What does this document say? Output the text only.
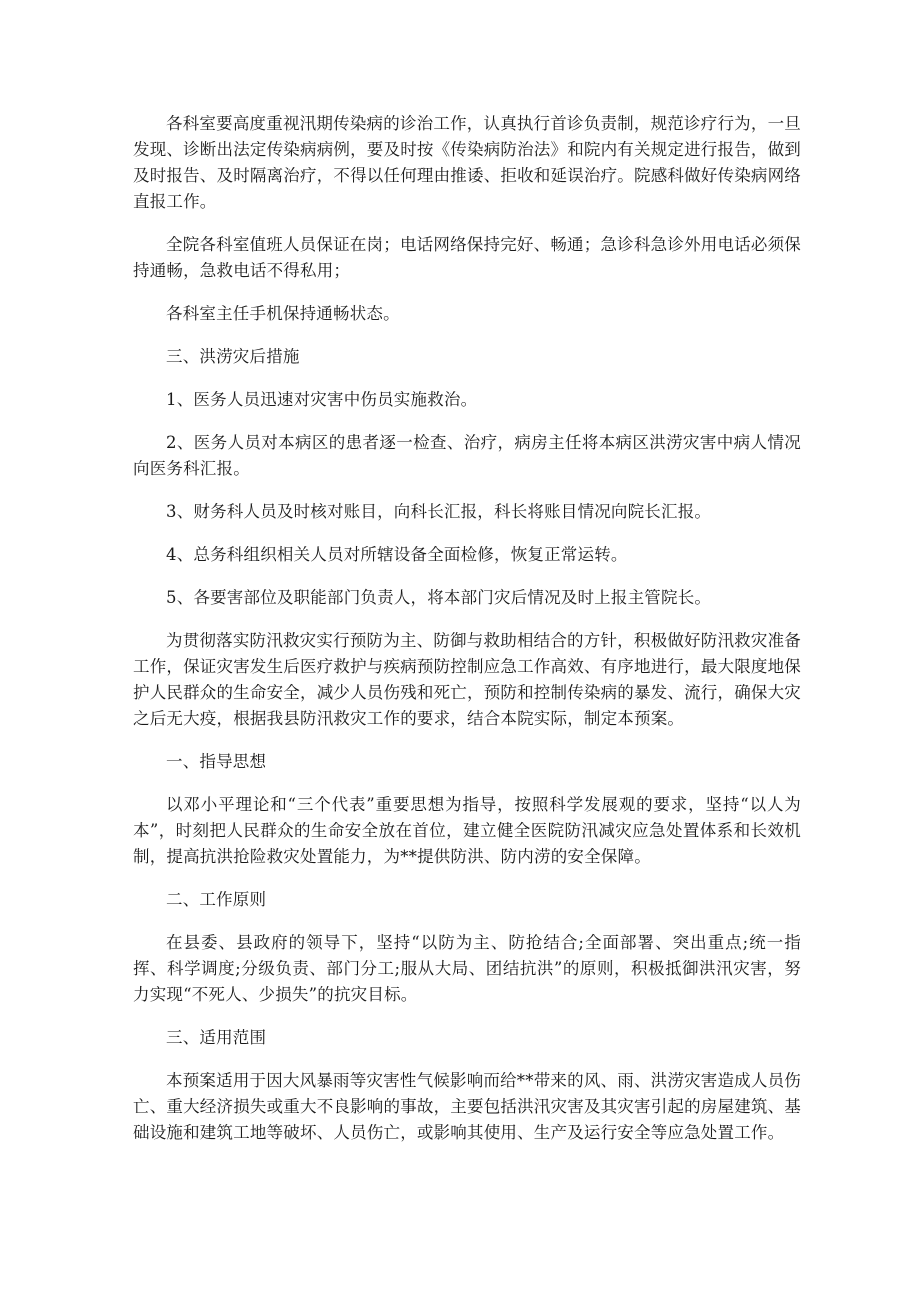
各科室要高度重视汛期传染病的诊治工作，认真执行首诊负责制，规范诊疗行为，一旦发现、诊断出法定传染病病例，要及时按《传染病防治法》和院内有关规定进行报告，做到及时报告、及时隔离治疗，不得以任何理由推诿、拒收和延误治疗。院感科做好传染病网络直报工作。

全院各科室值班人员保证在岗；电话网络保持完好、畅通；急诊科急诊外用电话必须保持通畅，急救电话不得私用；

各科室主任手机保持通畅状态。

三、洪涝灾后措施

1、医务人员迅速对灾害中伤员实施救治。

2、医务人员对本病区的患者逐一检查、治疗，病房主任将本病区洪涝灾害中病人情况向医务科汇报。

3、财务科人员及时核对账目，向科长汇报，科长将账目情况向院长汇报。

4、总务科组织相关人员对所辖设备全面检修，恢复正常运转。

5、各要害部位及职能部门负责人，将本部门灾后情况及时上报主管院长。

为贯彻落实防汛救灾实行预防为主、防御与救助相结合的方针，积极做好防汛救灾准备工作，保证灾害发生后医疗救护与疾病预防控制应急工作高效、有序地进行，最大限度地保护人民群众的生命安全，减少人员伤残和死亡，预防和控制传染病的暴发、流行，确保大灾之后无大疫，根据我县防汛救灾工作的要求，结合本院实际，制定本预案。

一、指导思想

以邓小平理论和“三个代表”重要思想为指导，按照科学发展观的要求，坚持“以人为本”，时刻把人民群众的生命安全放在首位，建立健全医院防汛减灾应急处置体系和长效机制，提高抗洪抢险救灾处置能力，为**提供防洪、防内涝的安全保障。

二、工作原则

在县委、县政府的领导下，坚持“以防为主、防抢结合;全面部署、突出重点;统一指挥、科学调度;分级负责、部门分工;服从大局、团结抗洪”的原则，积极抵御洪汛灾害，努力实现“不死人、少损失”的抗灾目标。

三、适用范围

本预案适用于因大风暴雨等灾害性气候影响而给**带来的风、雨、洪涝灾害造成人员伤亡、重大经济损失或重大不良影响的事故，主要包括洪汛灾害及其灾害引起的房屋建筑、基础设施和建筑工地等破坏、人员伤亡，或影响其使用、生产及运行安全等应急处置工作。
